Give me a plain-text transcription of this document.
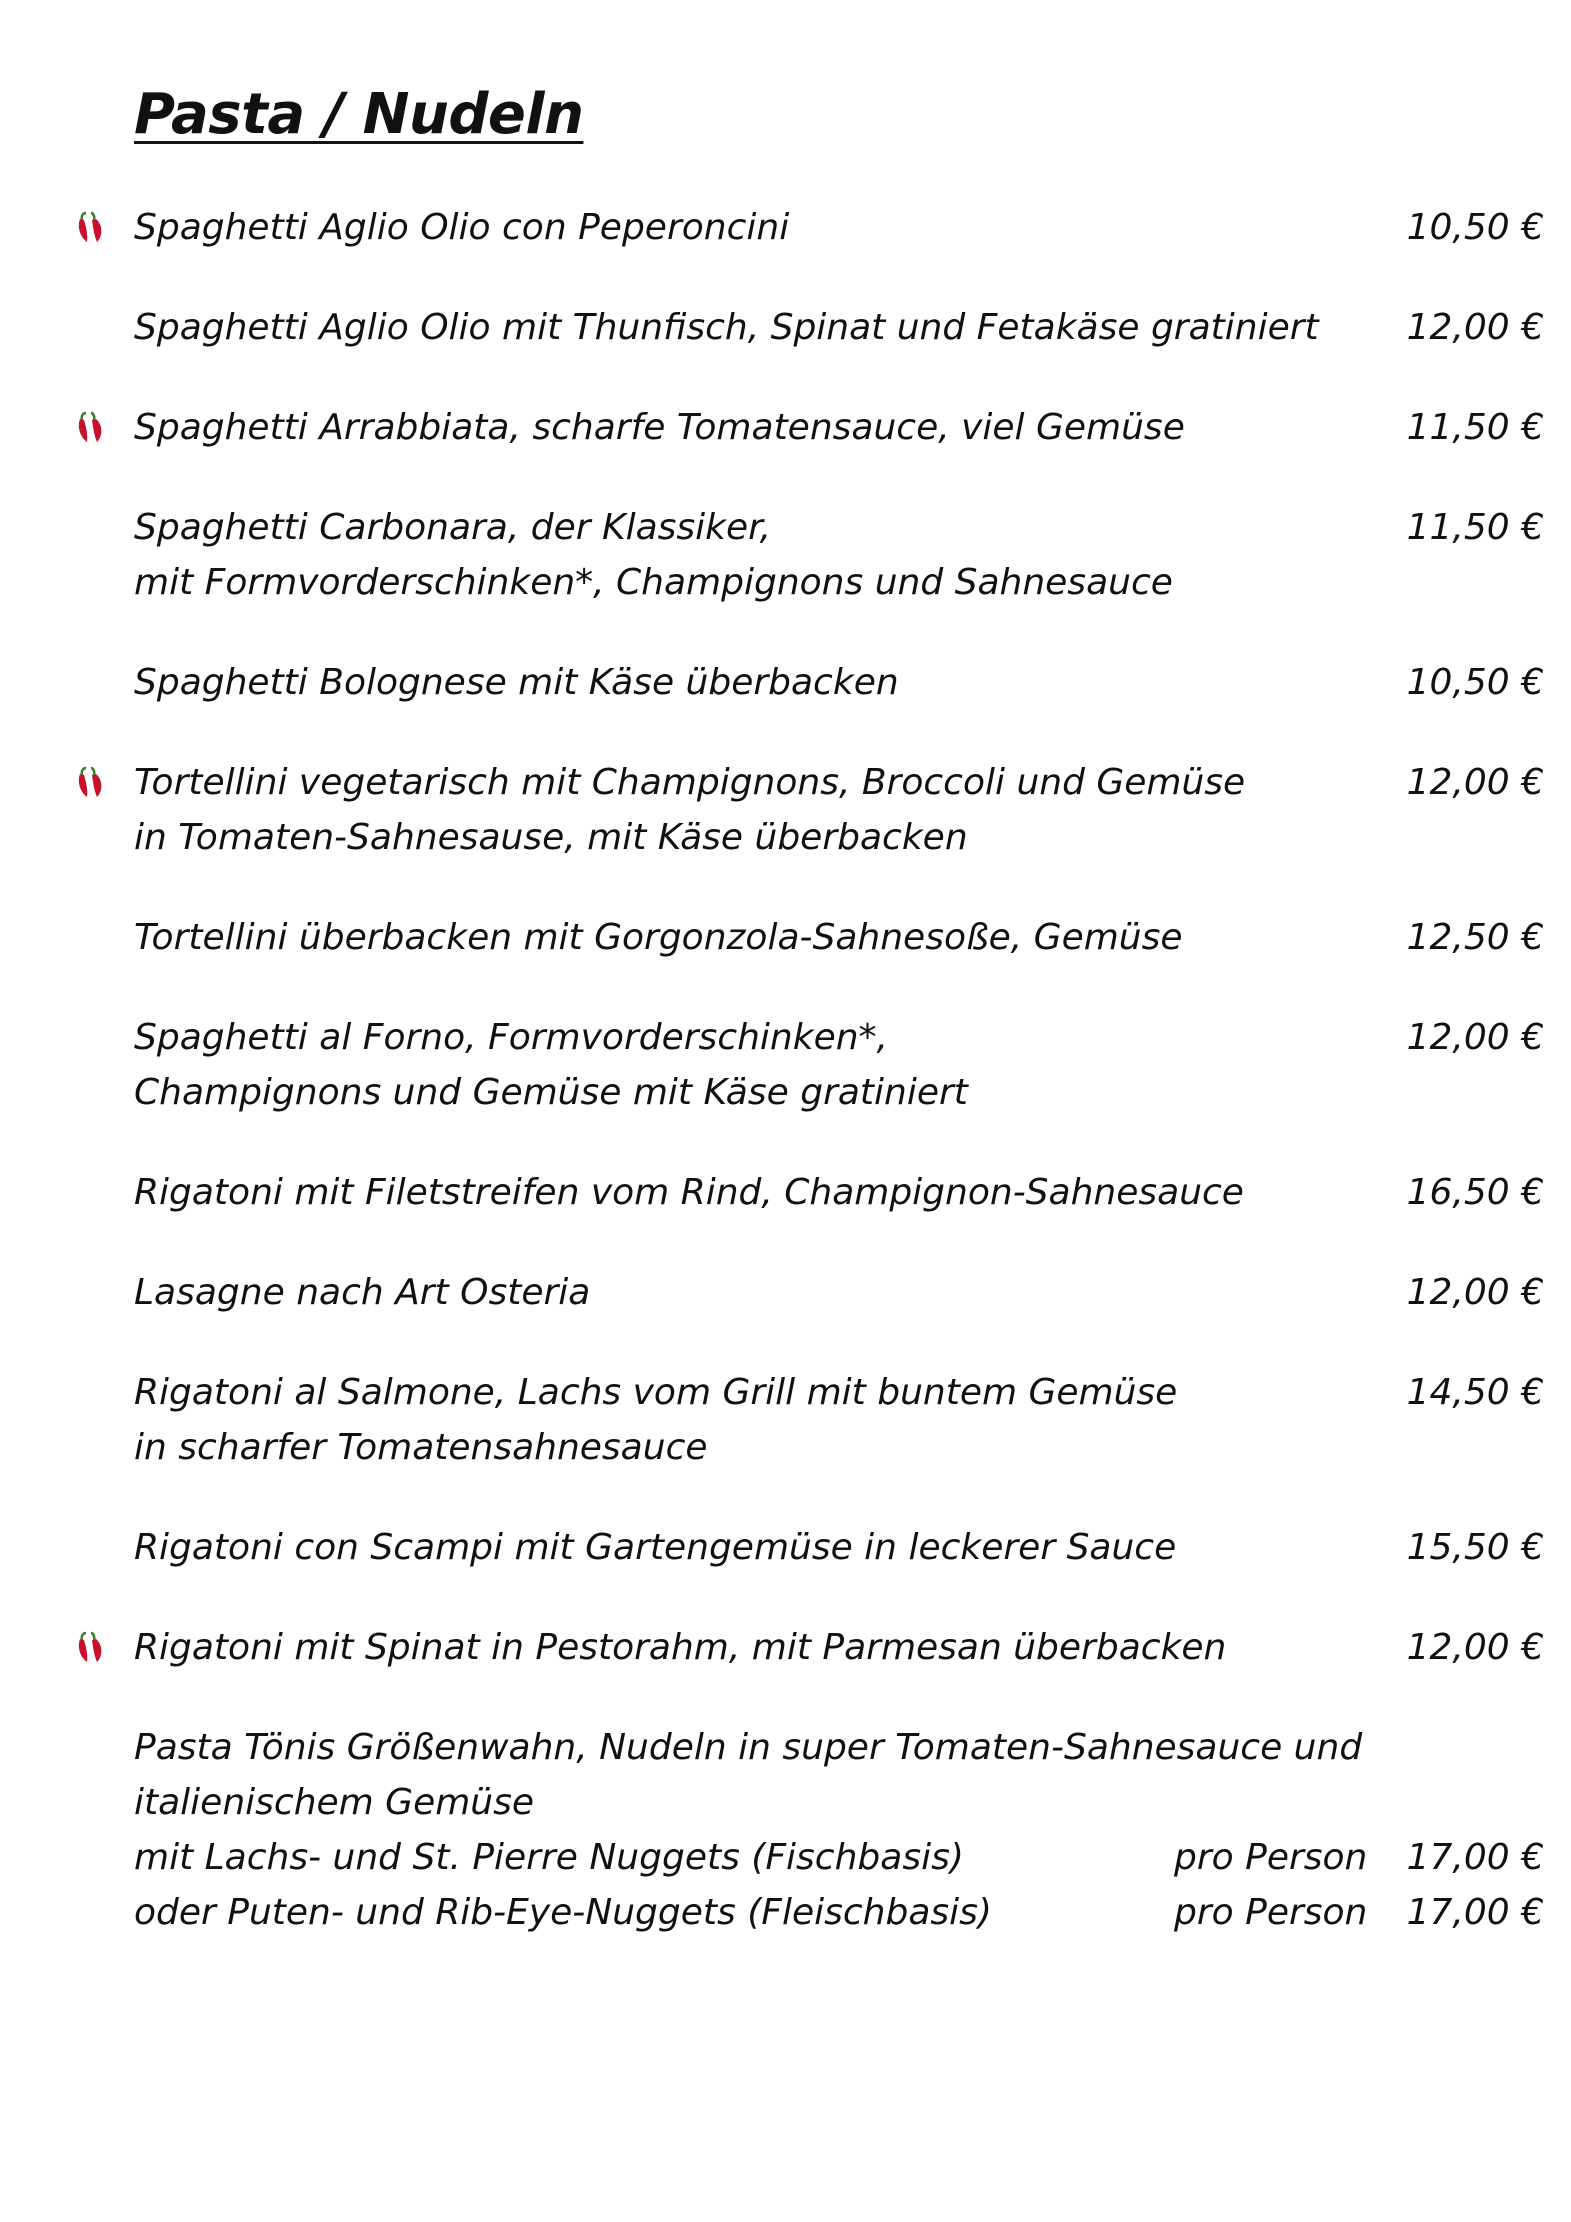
Pasta / Nudeln
Spaghetti Aglio Olio con Peperoncini	10,50 €
Spaghetti Aglio Olio mit Thunfisch, Spinat und Fetakäse gratiniert 12,00 €
Spaghetti Arrabbiata, scharfe Tomatensauce, viel Gemüse	11,50 €
Spaghetti Carbonara, der Klassiker,	11,50 €
mit Formvorderschinken*, Champignons und Sahnesauce
Spaghetti Bolognese mit Käse überbacken	10,50 €
Tortellini vegetarisch mit Champignons, Broccoli und Gemüse	12,00 €
in Tomaten-Sahnesause, mit Käse überbacken
Tortellini überbacken mit Gorgonzola-Sahnesoße, Gemüse	12,50 €
Spaghetti al Forno, Formvorderschinken*,	12,00 €
Champignons und Gemüse mit Käse gratiniert
Rigatoni mit Filetstreifen vom Rind, Champignon-Sahnesauce	16,50 €
Lasagne nach Art Osteria	12,00 €
Rigatoni al Salmone, Lachs vom Grill mit buntem Gemüse	14,50 €
in scharfer Tomatensahnesauce
Rigatoni con Scampi mit Gartengemüse in leckerer Sauce	15,50 €
Rigatoni mit Spinat in Pestorahm, mit Parmesan überbacken	12,00 €
Pasta Tönis Größenwahn, Nudeln in super Tomaten-Sahnesauce und
italienischem Gemüse
mit Lachs- und St. Pierre Nuggets (Fischbasis)	pro Person 17,00 €
oder Puten- und Rib-Eye-Nuggets (Fleischbasis)	pro Person 17,00 €
